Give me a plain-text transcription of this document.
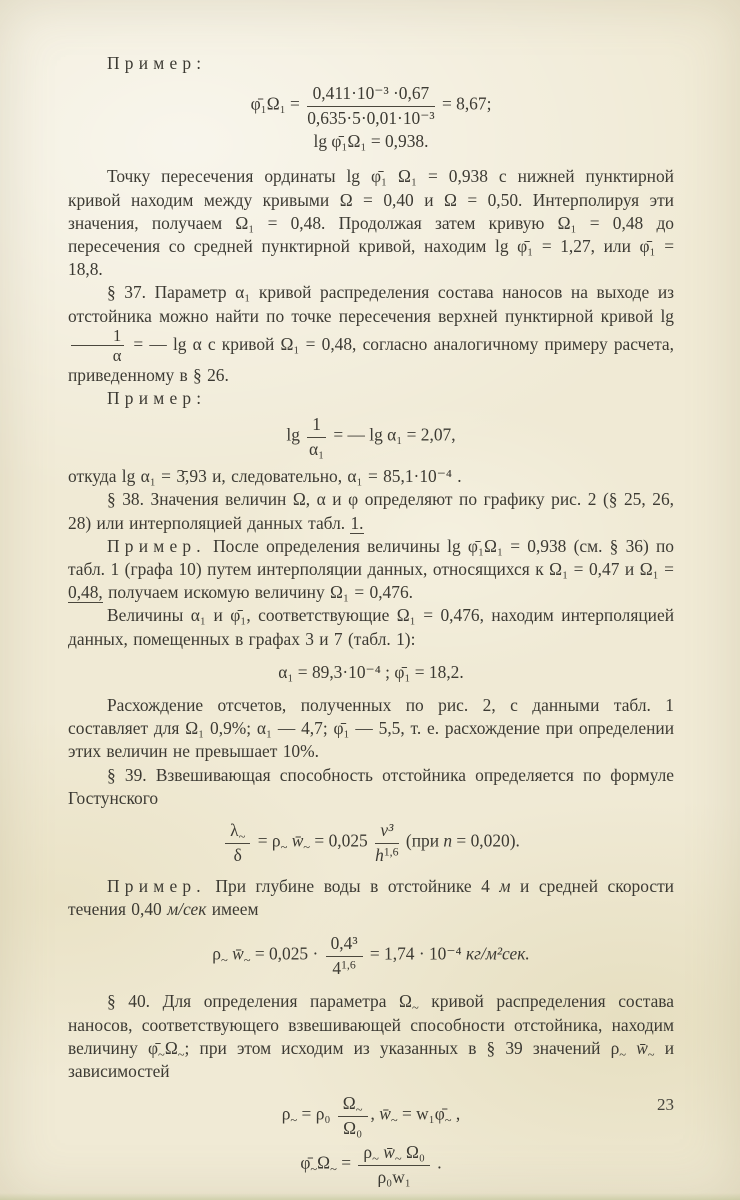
Пример:

φ̄₁Ω₁ = $\frac{\text{0,411·10⁻³ ·0,67}}{\text{0,635·5·0,01·10⁻³}} = 8,67$;
lg φ̄₁Ω₁ = 0,938.

Точку пересечения ординаты lg φ̄₁ Ω₁ = 0,938 с нижней пунктирной кривой находим между кривыми Ω = 0,40 и Ω = 0,50. Интерполируя эти значения, получаем Ω₁ = 0,48. Продолжая затем кривую Ω₁ = 0,48 до пересечения со средней пунктирной кривой, находим lg φ̄₁ = 1,27, или φ̄₁ = 18,8.

§ 37. Параметр α₁ кривой распределения состава наносов на выходе из отстойника можно найти по точке пересечения верхней пунктирной кривой lg
$\frac{1}{\alpha}$ = — lg α с кривой Ω₁ = 0,48, согласно аналогичному примеру расчета, приведенному в § 26.

Пример:

$\lg \frac{1}{\text{α₁}}$ = — lg α₁ = 2,07,

откуда lg α₁ = 3̄,93 и, следовательно, α₁ = 85,1·10⁻⁴ .

§ 38. Значения величин Ω, α и φ определяют по графику рис. 2 (§ 25, 26, 28) или интерполяцией данных табл. 1.

Пример. После определения величины lg φ̄₁Ω₁ = 0,938 (см. § 36) по табл. 1 (графа 10) путем интерполяции данных, относящихся к Ω₁ = 0,47 и Ω₁ = 0,48, получаем искомую величину Ω₁ = 0,476.

Величины α₁ и φ̄₁, соответствующие Ω₁ = 0,476, находим интерполяцией данных, помещенных в графах 3 и 7 (табл. 1):

α₁ = 89,3·10⁻⁴ ; φ̄₁ = 18,2.

Расхождение отсчетов, полученных по рис. 2, с данными табл. 1 составляет для Ω₁ 0,9%; α₁ — 4,7; φ̄₁ — 5,5, т. е. расхождение при определении этих величин не превышает 10%.

§ 39. Взвешивающая способность отстойника определяется по формуле Гостунского

$\frac{\lambda_\sim}{\delta} = \rho_\sim$ $w̄_\sim = 0,025 \frac{\text{v³}}{h^{1,6}} (при$ n = 0,020).

Пример. При глубине воды в отстойнике 4 м и средней скорости течения 0,40 м/сек имеем

$\rho_\sim$ $w̄_\sim = 0,025 \cdot \frac{\text{0,4³}}{4^{1,6}} = 1,74 \cdot 10^{-4}$ кг/м²сек.

§ 40. Для определения параметра $\Omega_\sim$ кривой распределения состава наносов, соответствующего взвешивающей способности отстойника, находим величину $\varphī_\sim\Omega_\sim$; при этом исходим из указанных в § 39 значений $\rho_\sim$ $w̄_\sim$ и зависимостей

$\rho_\sim = \rho_0 \frac{\Omega_\sim}{\text{Ω₀}}$ , $w̄_\sim$ = $w_1\varphī_\sim$ ,
$\varphī_\sim\Omega_\sim = \frac{\rho_\sim w̄_\sim \Omega_0}{\text{ρ₀w₁}}$ .
23
